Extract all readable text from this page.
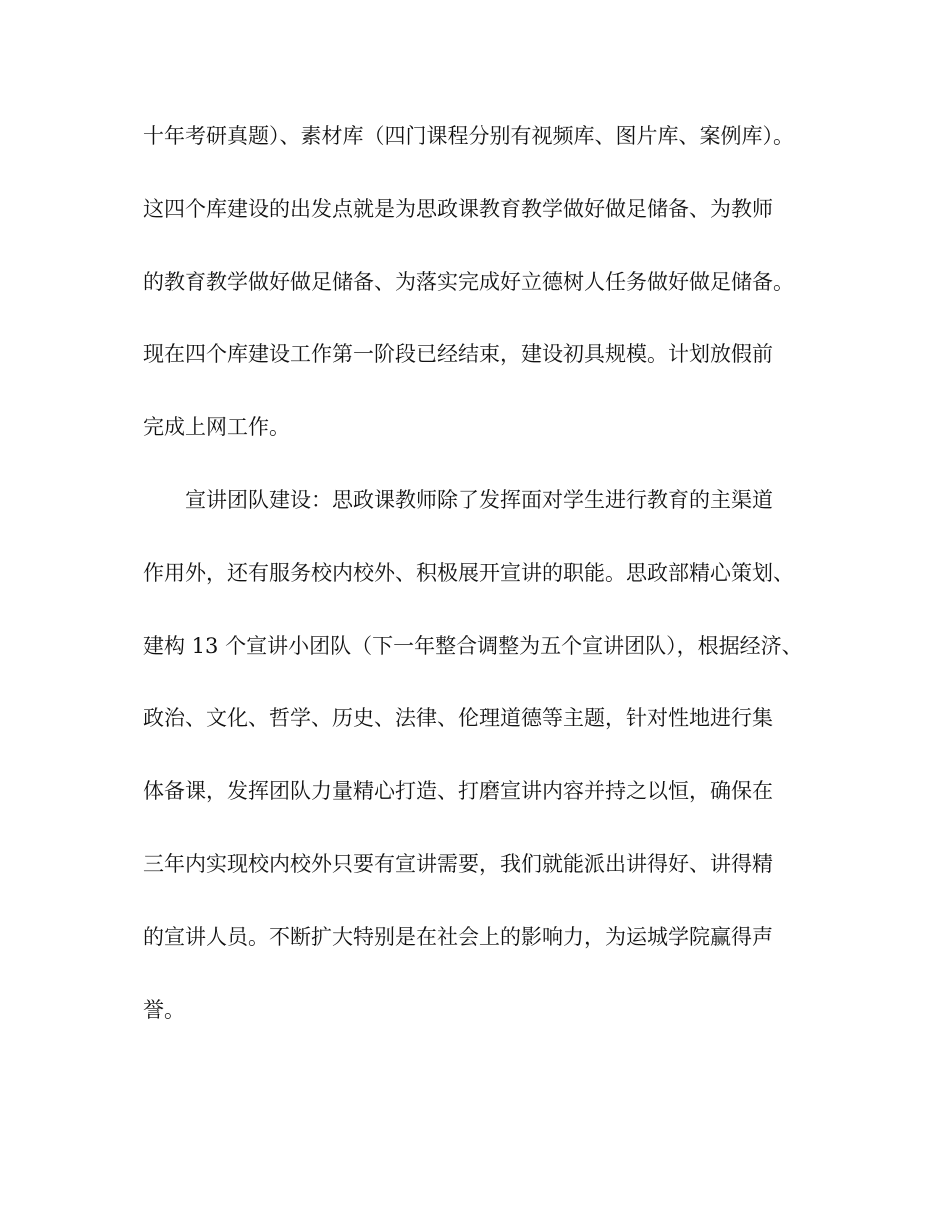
十年考研真题）、素材库（四门课程分别有视频库、图片库、案例库）。
这四个库建设的出发点就是为思政课教育教学做好做足储备、为教师
的教育教学做好做足储备、为落实完成好立德树人任务做好做足储备。
现在四个库建设工作第一阶段已经结束，建设初具规模。计划放假前
完成上网工作。
宣讲团队建设：思政课教师除了发挥面对学生进行教育的主渠道
作用外，还有服务校内校外、积极展开宣讲的职能。思政部精心策划、
建构 13 个宣讲小团队（下一年整合调整为五个宣讲团队），根据经济、
政治、文化、哲学、历史、法律、伦理道德等主题，针对性地进行集
体备课，发挥团队力量精心打造、打磨宣讲内容并持之以恒，确保在
三年内实现校内校外只要有宣讲需要，我们就能派出讲得好、讲得精
的宣讲人员。不断扩大特别是在社会上的影响力，为运城学院赢得声
誉。
